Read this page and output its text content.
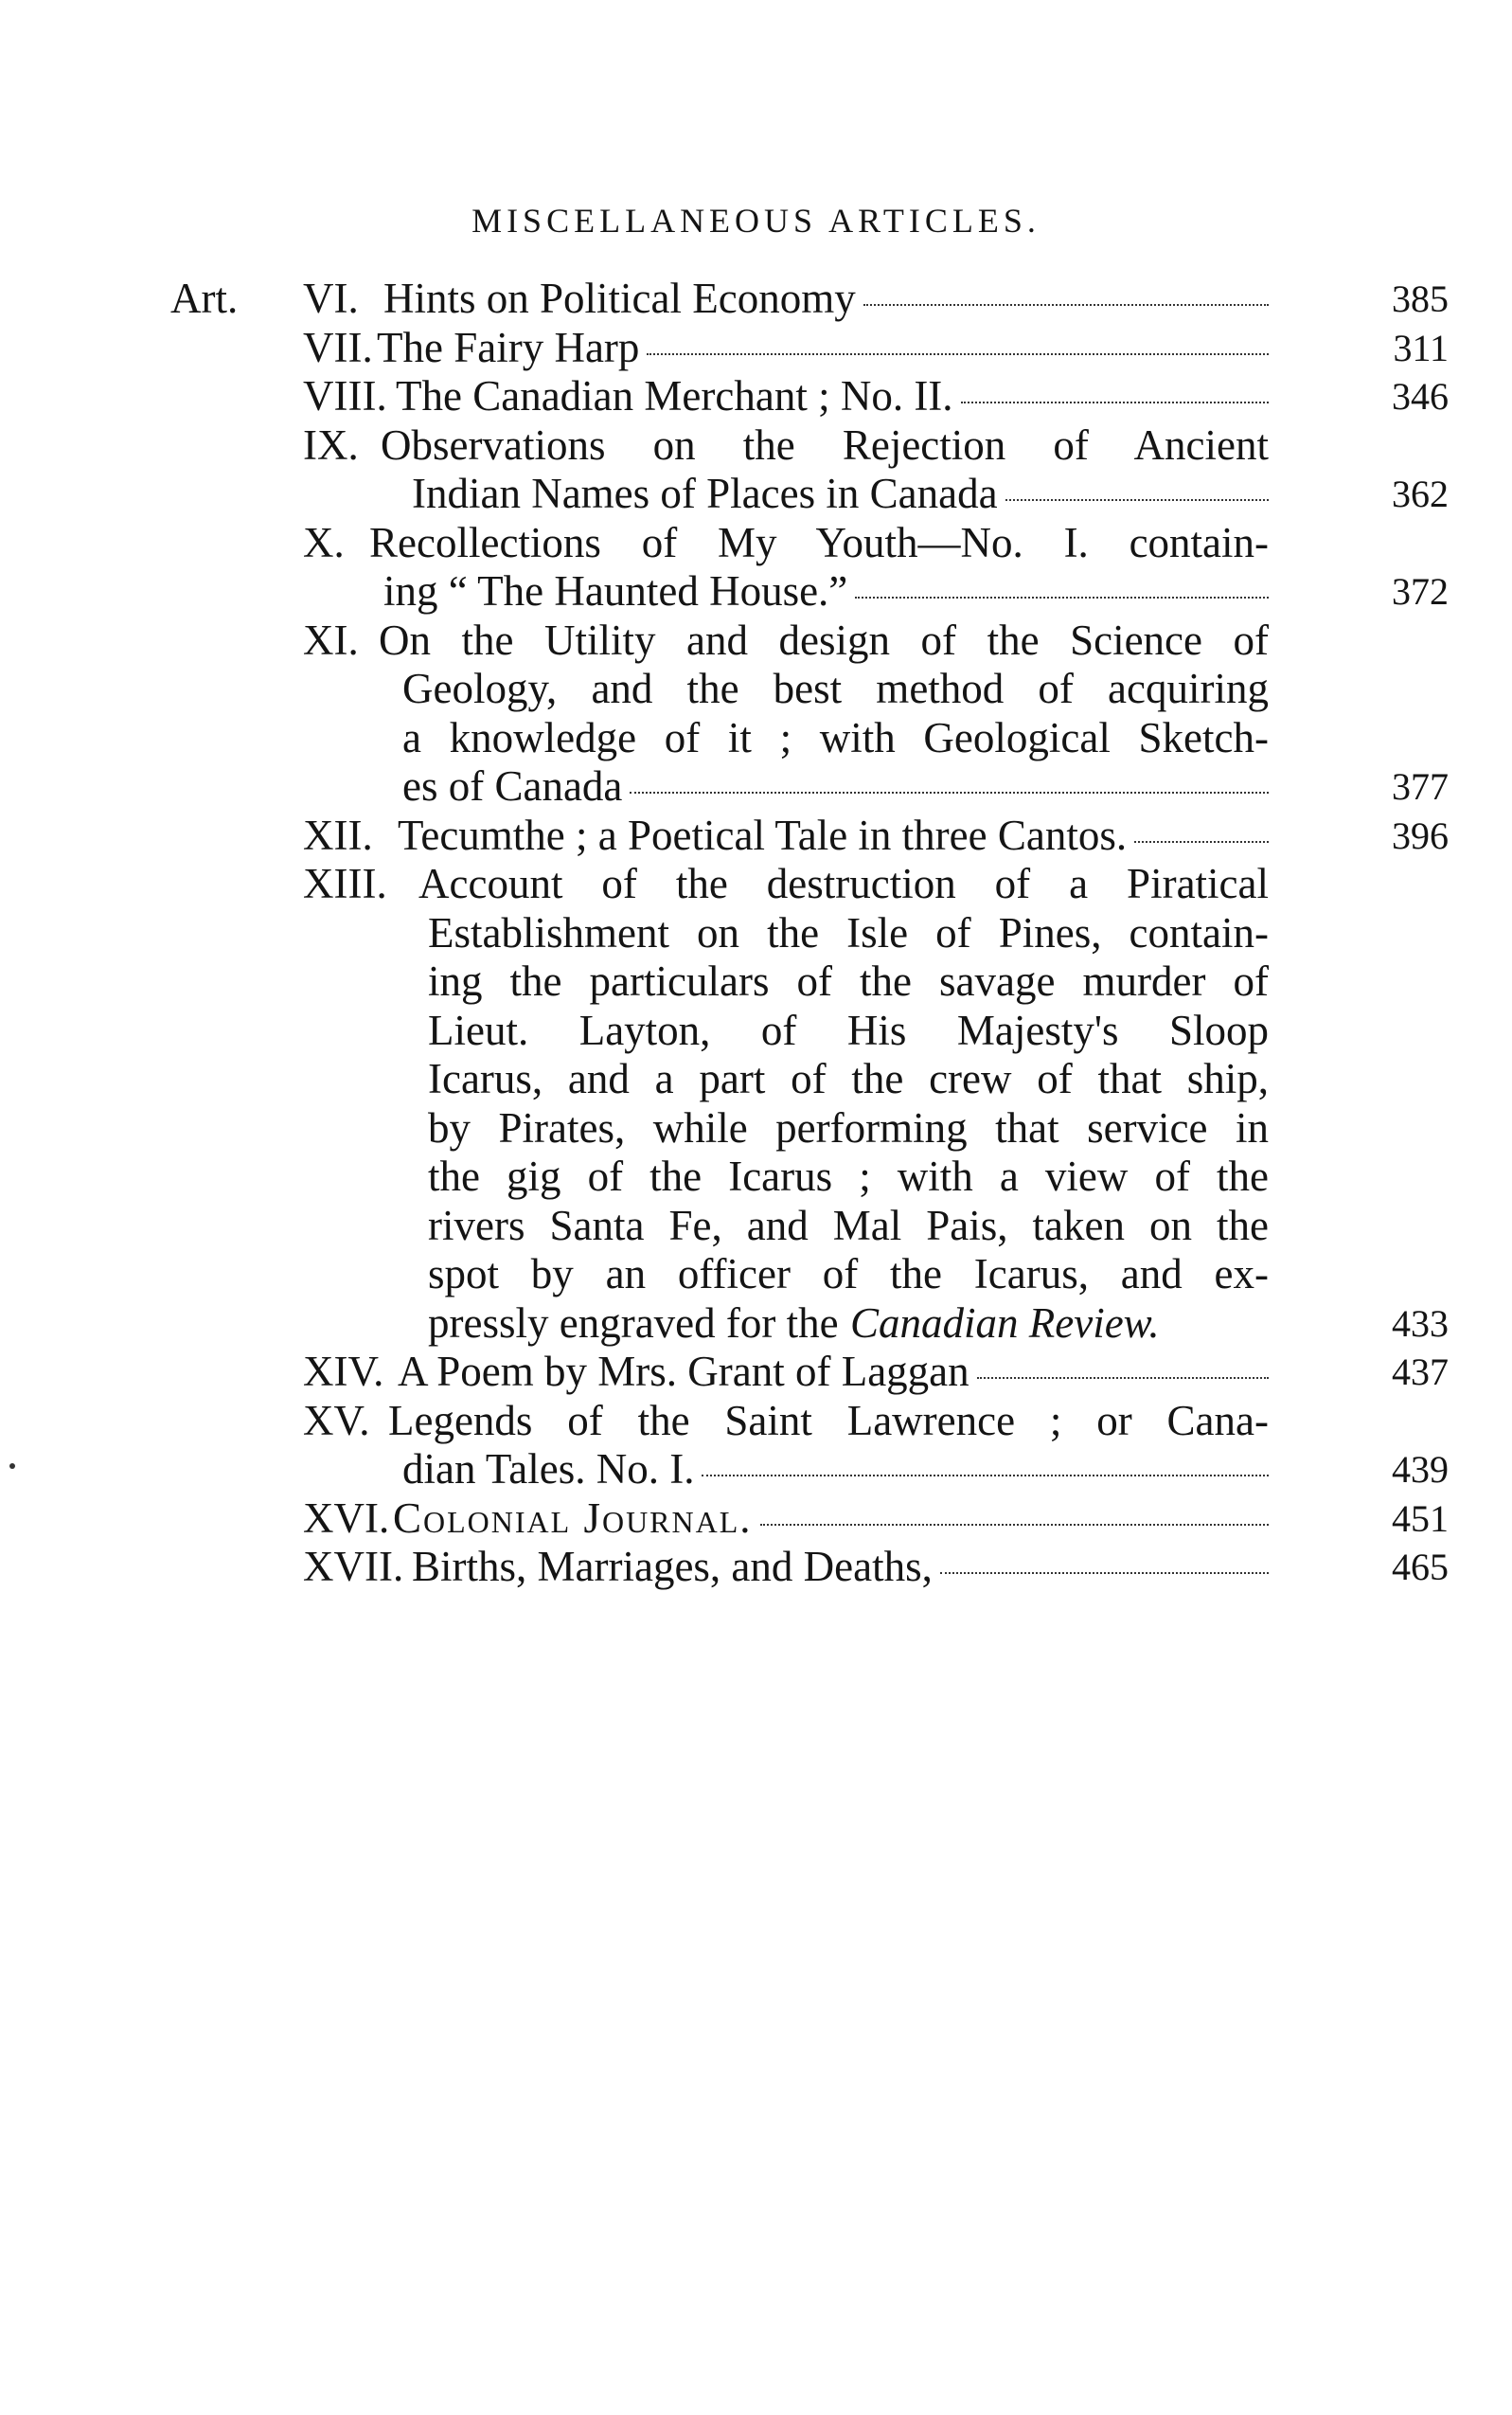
MISCELLANEOUS ARTICLES.
Art. VI. Hints on Political Economy	385
VII. The Fairy Harp	311
VIII. The Canadian Merchant ; No. II.	346
IX. Observations on the Rejection of Ancient
Indian Names of Places in Canada	362
X. Recollections of My Youth—No. I. contain-
ing “ The Haunted House.”	372
XI. On the Utility and design of the Science of
Geology, and the best method of acquiring
a knowledge of it ; with Geological Sketch-
es of Canada	377
XII. Tecumthe ; a Poetical Tale in three Cantos.	396
XIII. Account of the destruction of a Piratical
Establishment on the Isle of Pines, contain-
ing the particulars of the savage murder of
Lieut. Layton, of His Majesty's Sloop
Icarus, and a part of the crew of that ship,
by Pirates, while performing that service in
the gig of the Icarus ; with a view of the
rivers Santa Fe, and Mal Pais, taken on the
spot by an officer of the Icarus, and ex-
pressly engraved for the Canadian Review.	433
XIV. A Poem by Mrs. Grant of Laggan	437
XV. Legends of the Saint Lawrence ; or Cana-
dian Tales. No. I.	439
XVI. Colonial Journal.	451
XVII. Births, Marriages, and Deaths,	465
